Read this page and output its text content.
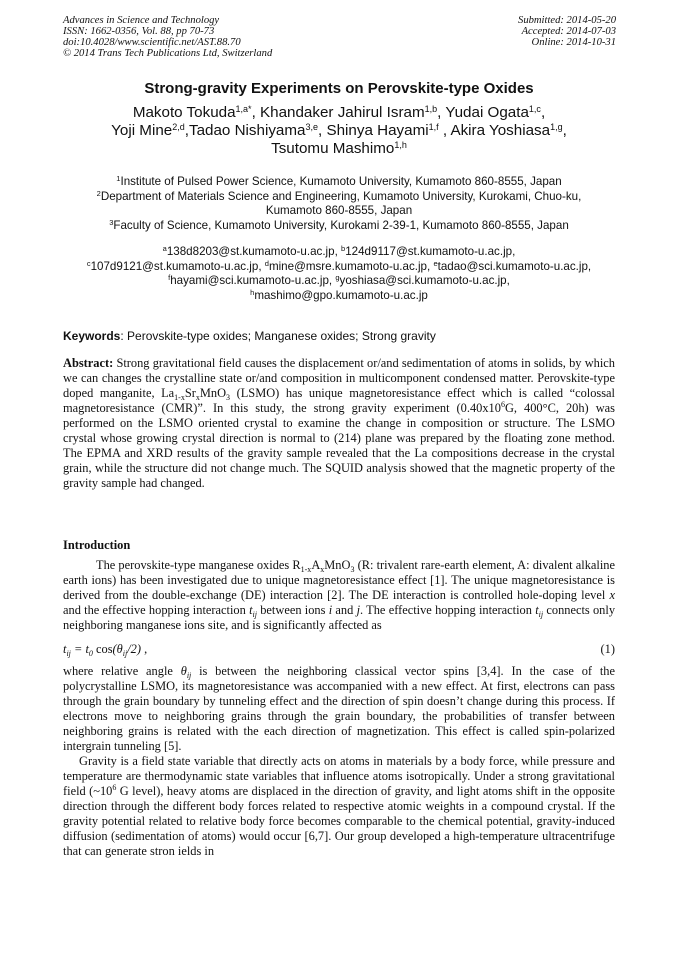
Advances in Science and Technology
ISSN: 1662-0356, Vol. 88, pp 70-73
doi:10.4028/www.scientific.net/AST.88.70
© 2014 Trans Tech Publications Ltd, Switzerland
Submitted: 2014-05-20
Accepted: 2014-07-03
Online: 2014-10-31
Strong-gravity Experiments on Perovskite-type Oxides
Makoto Tokuda$^{1,a*}$, Khandaker Jahirul Isram$^{1,b}$, Yudai Ogata$^{1,c}$,
Yoji Mine$^{2,d}$,Tadao Nishiyama$^{3,e}$, Shinya Hayami$^{1,f}$ , Akira Yoshiasa$^{1,g}$,
Tsutomu Mashimo$^{1,h}$
$^1$Institute of Pulsed Power Science, Kumamoto University, Kumamoto 860-8555, Japan
$^2$Department of Materials Science and Engineering, Kumamoto University, Kurokami, Chuo-ku,
Kumamoto 860-8555, Japan
$^3$Faculty of Science, Kumamoto University, Kurokami 2-39-1, Kumamoto 860-8555, Japan
$^a$138d8203@st.kumamoto-u.ac.jp, $^b$124d9117@st.kumamoto-u.ac.jp,
$^c$107d9121@st.kumamoto-u.ac.jp, $^d$mine@msre.kumamoto-u.ac.jp, $^e$tadao@sci.kumamoto-u.ac.jp,
$^f$hayami@sci.kumamoto-u.ac.jp, $^g$yoshiasa@sci.kumamoto-u.ac.jp,
$^h$mashimo@gpo.kumamoto-u.ac.jp
Keywords: Perovskite-type oxides; Manganese oxides; Strong gravity
Abstract: Strong gravitational field causes the displacement or/and sedimentation of atoms in solids, by which we can changes the crystalline state or/and composition in multicomponent condensed matter. Perovskite-type doped manganite, $La_{1-x}Sr_xMnO_3$ (LSMO) has unique magnetoresistance effect which is called “colossal magnetoresistance (CMR)”. In this study, the strong gravity experiment ($0.40x10^6G$, 400°C, 20h) was performed on the LSMO oriented crystal to examine the change in composition or structure. The LSMO crystal whose growing crystal direction is normal to (214) plane was prepared by the floating zone method. The EPMA and XRD results of the gravity sample revealed that the La compositions decrease in the crystal grain, while the structure did not change much. The SQUID analysis showed that the magnetic property of the gravity sample had changed.
Introduction

The perovskite-type manganese oxides $R_{1-x}A_xMnO_3$ (R: trivalent rare-earth element, A: divalent alkaline earth ions) has been investigated due to unique magnetoresistance effect [1]. The unique magnetoresistance is derived from the double-exchange (DE) interaction [2]. The DE interaction is controlled hole-doping level x and the effective hopping interaction $t_{ij}$ between ions i and j. The effective hopping interaction $t_{ij}$ connects only neighboring manganese ions site, and is significantly affected as

$t_{ij} = t_0$ $\cos(\theta_{ij}/2)$ ,	(1)

where relative angle $\theta_{ij}$ is between the neighboring classical vector spins [3,4]. In the case of the polycrystalline LSMO, its magnetoresistance was accompanied with a new effect. At first, electrons can pass through the grain boundary by tunneling effect and the direction of spin doesn’t change during this process. If electrons move to neighboring grains through the grain boundary, the probabilities of transfer between neighboring grains is related with the each direction of magnetization. This effect is called spin-polarized intergrain tunneling [5].

Gravity is a field state variable that directly acts on atoms in materials by a body force, while pressure and temperature are thermodynamic state variables that influence atoms isotropically. Under a strong gravitational field ($\sim 10^6$ G level), heavy atoms are displaced in the direction of gravity, and light atoms shift in the opposite direction through the different body forces related to respective atomic weights in a compound crystal. If the gravity potential related to relative body force becomes comparable to the chemical potential, gravity-induced diffusion (sedimentation of atoms) would occur [6,7]. Our group developed a high-temperature ultracentrifuge that can generate stron ields in
